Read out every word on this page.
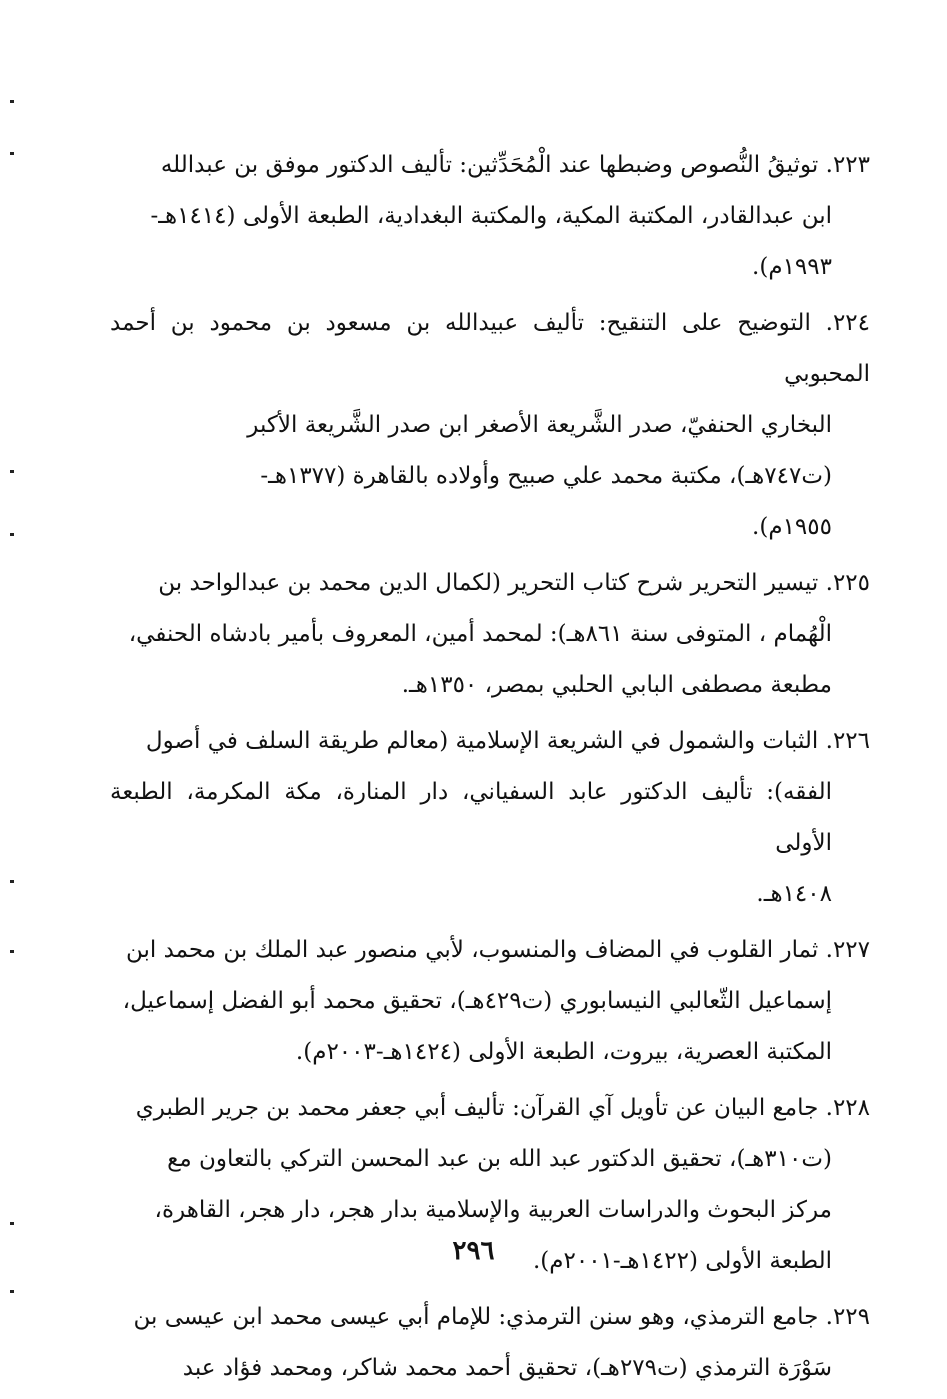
٢٢٣. توثيقُ النُّصوص وضبطها عند الْمُحَدِّثين: تأليف الدكتور موفق بن عبدالله
ابن عبدالقادر، المكتبة المكية، والمكتبة البغدادية، الطبعة الأولى (١٤١٤هـ-
١٩٩٣م).
٢٢٤. التوضيح على التنقيح: تأليف عبيدالله بن مسعود بن محمود بن أحمد المحبوبي
البخاري الحنفيّ، صدر الشَّريعة الأصغر ابن صدر الشَّريعة الأكبر
(ت٧٤٧هـ)، مكتبة محمد علي صبيح وأولاده بالقاهرة (١٣٧٧هـ-
١٩٥٥م).
٢٢٥. تيسير التحرير شرح كتاب التحرير (لكمال الدين محمد بن عبدالواحد بن
الْهُمام ، المتوفى سنة ٨٦١هـ): لمحمد أمين، المعروف بأمير بادشاه الحنفي،
مطبعة مصطفى البابي الحلبي بمصر، ١٣٥٠هـ.
٢٢٦. الثبات والشمول في الشريعة الإسلامية (معالم طريقة السلف في أصول
الفقه): تأليف الدكتور عابد السفياني، دار المنارة، مكة المكرمة، الطبعة الأولى
١٤٠٨هـ.
٢٢٧. ثمار القلوب في المضاف والمنسوب، لأبي منصور عبد الملك بن محمد ابن
إسماعيل الثّعالبي النيسابوري (ت٤٢٩هـ)، تحقيق محمد أبو الفضل إسماعيل،
المكتبة العصرية، بيروت، الطبعة الأولى (١٤٢٤هـ-٢٠٠٣م).
٢٢٨. جامع البيان عن تأويل آي القرآن: تأليف أبي جعفر محمد بن جرير الطبري
(ت٣١٠هـ)، تحقيق الدكتور عبد الله بن عبد المحسن التركي بالتعاون مع
مركز البحوث والدراسات العربية والإسلامية بدار هجر، دار هجر، القاهرة،
الطبعة الأولى (١٤٢٢هـ-٢٠٠١م).
٢٢٩. جامع الترمذي، وهو سنن الترمذي: للإمام أبي عيسى محمد ابن عيسى بن
سَوْرَة الترمذي (ت٢٧٩هـ)، تحقيق أحمد محمد شاكر، ومحمد فؤاد عبد
٢٩٦
